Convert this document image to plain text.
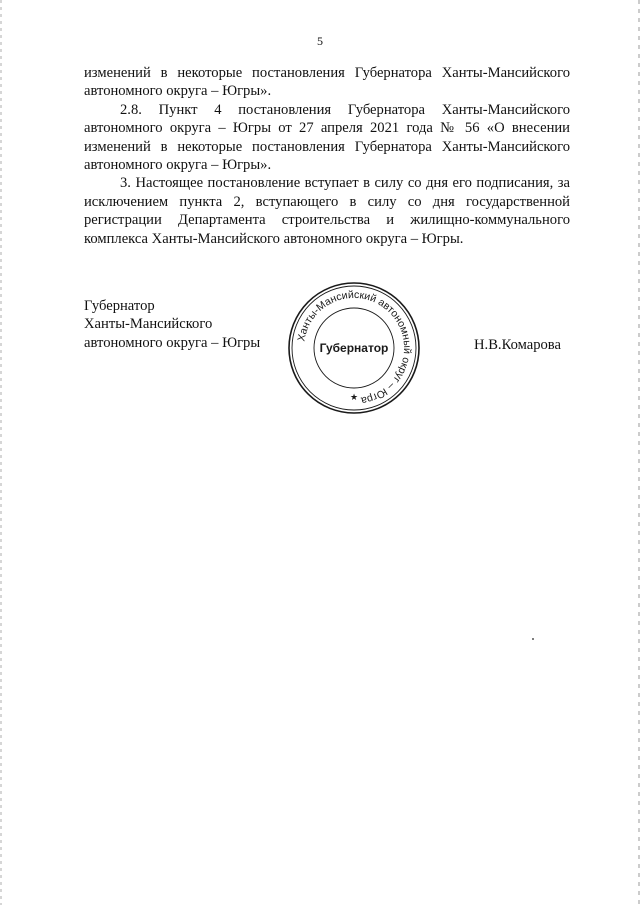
5

изменений в некоторые постановления Губернатора Ханты-Мансийского автономного округа – Югры».

2.8. Пункт 4 постановления Губернатора Ханты-Мансийского автономного округа – Югры от 27 апреля 2021 года № 56 «О внесении изменений в некоторые постановления Губернатора Ханты-Мансийского автономного округа – Югры».

3. Настоящее постановление вступает в силу со дня его подписания, за исключением пункта 2, вступающего в силу со дня государственной регистрации Департамента строительства и жилищно-коммунального комплекса Ханты-Мансийского автономного округа – Югры.

Губернатор
Ханты-Мансийского
автономного округа – Югры	Ханты-Мансийский автономный округ – Югра
Губернатор
★
Н.В.Комарова
